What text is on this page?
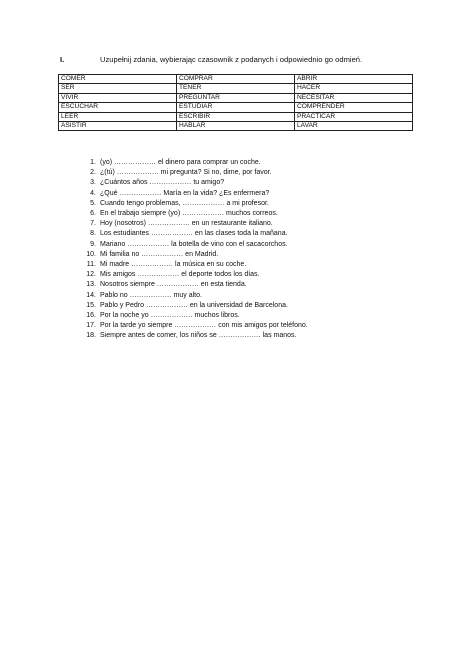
I.	Uzupełnij zdania, wybierając czasownik z podanych i odpowiednio go odmień.
COMER	COMPRAR	ABRIR
SER	TENER	HACER
VIVIR	PREGUNTAR	NECESITAR
ESCUCHAR	ESTUDIAR	COMPRENDER
LEER	ESCRIBIR	PRACTICAR
ASISTIR	HABLAR	LAVAR
1. (yo) ……………… el dinero para comprar un coche.
2. ¿(tú) ……………… mi pregunta? Si no, dime, por favor.
3. ¿Cuántos años ……………… tu amigo?
4. ¿Qué ……………… María en la vida? ¿Es enfermera?
5. Cuando tengo problemas, ……………… a mi profesor.
6. En el trabajo siempre (yo) ……………… muchos correos.
7. Hoy (nosotros) ……………… en un restaurante italiano.
8. Los estudiantes ……………… en las clases toda la mañana.
9. Mariano ……………… la botella de vino con el sacacorchos.
10. Mi familia no ……………… en Madrid.
11. Mi madre ……………… la música en su coche.
12. Mis amigos ……………… el deporte todos los días.
13. Nosotros siempre ……………… en esta tienda.
14. Pablo no ……………… muy alto.
15. Pablo y Pedro ……………… en la universidad de Barcelona.
16. Por la noche yo ……………… muchos libros.
17. Por la tarde yo siempre ……………… con mis amigos por teléfono.
18. Siempre antes de comer, los niños se ……………… las manos.
